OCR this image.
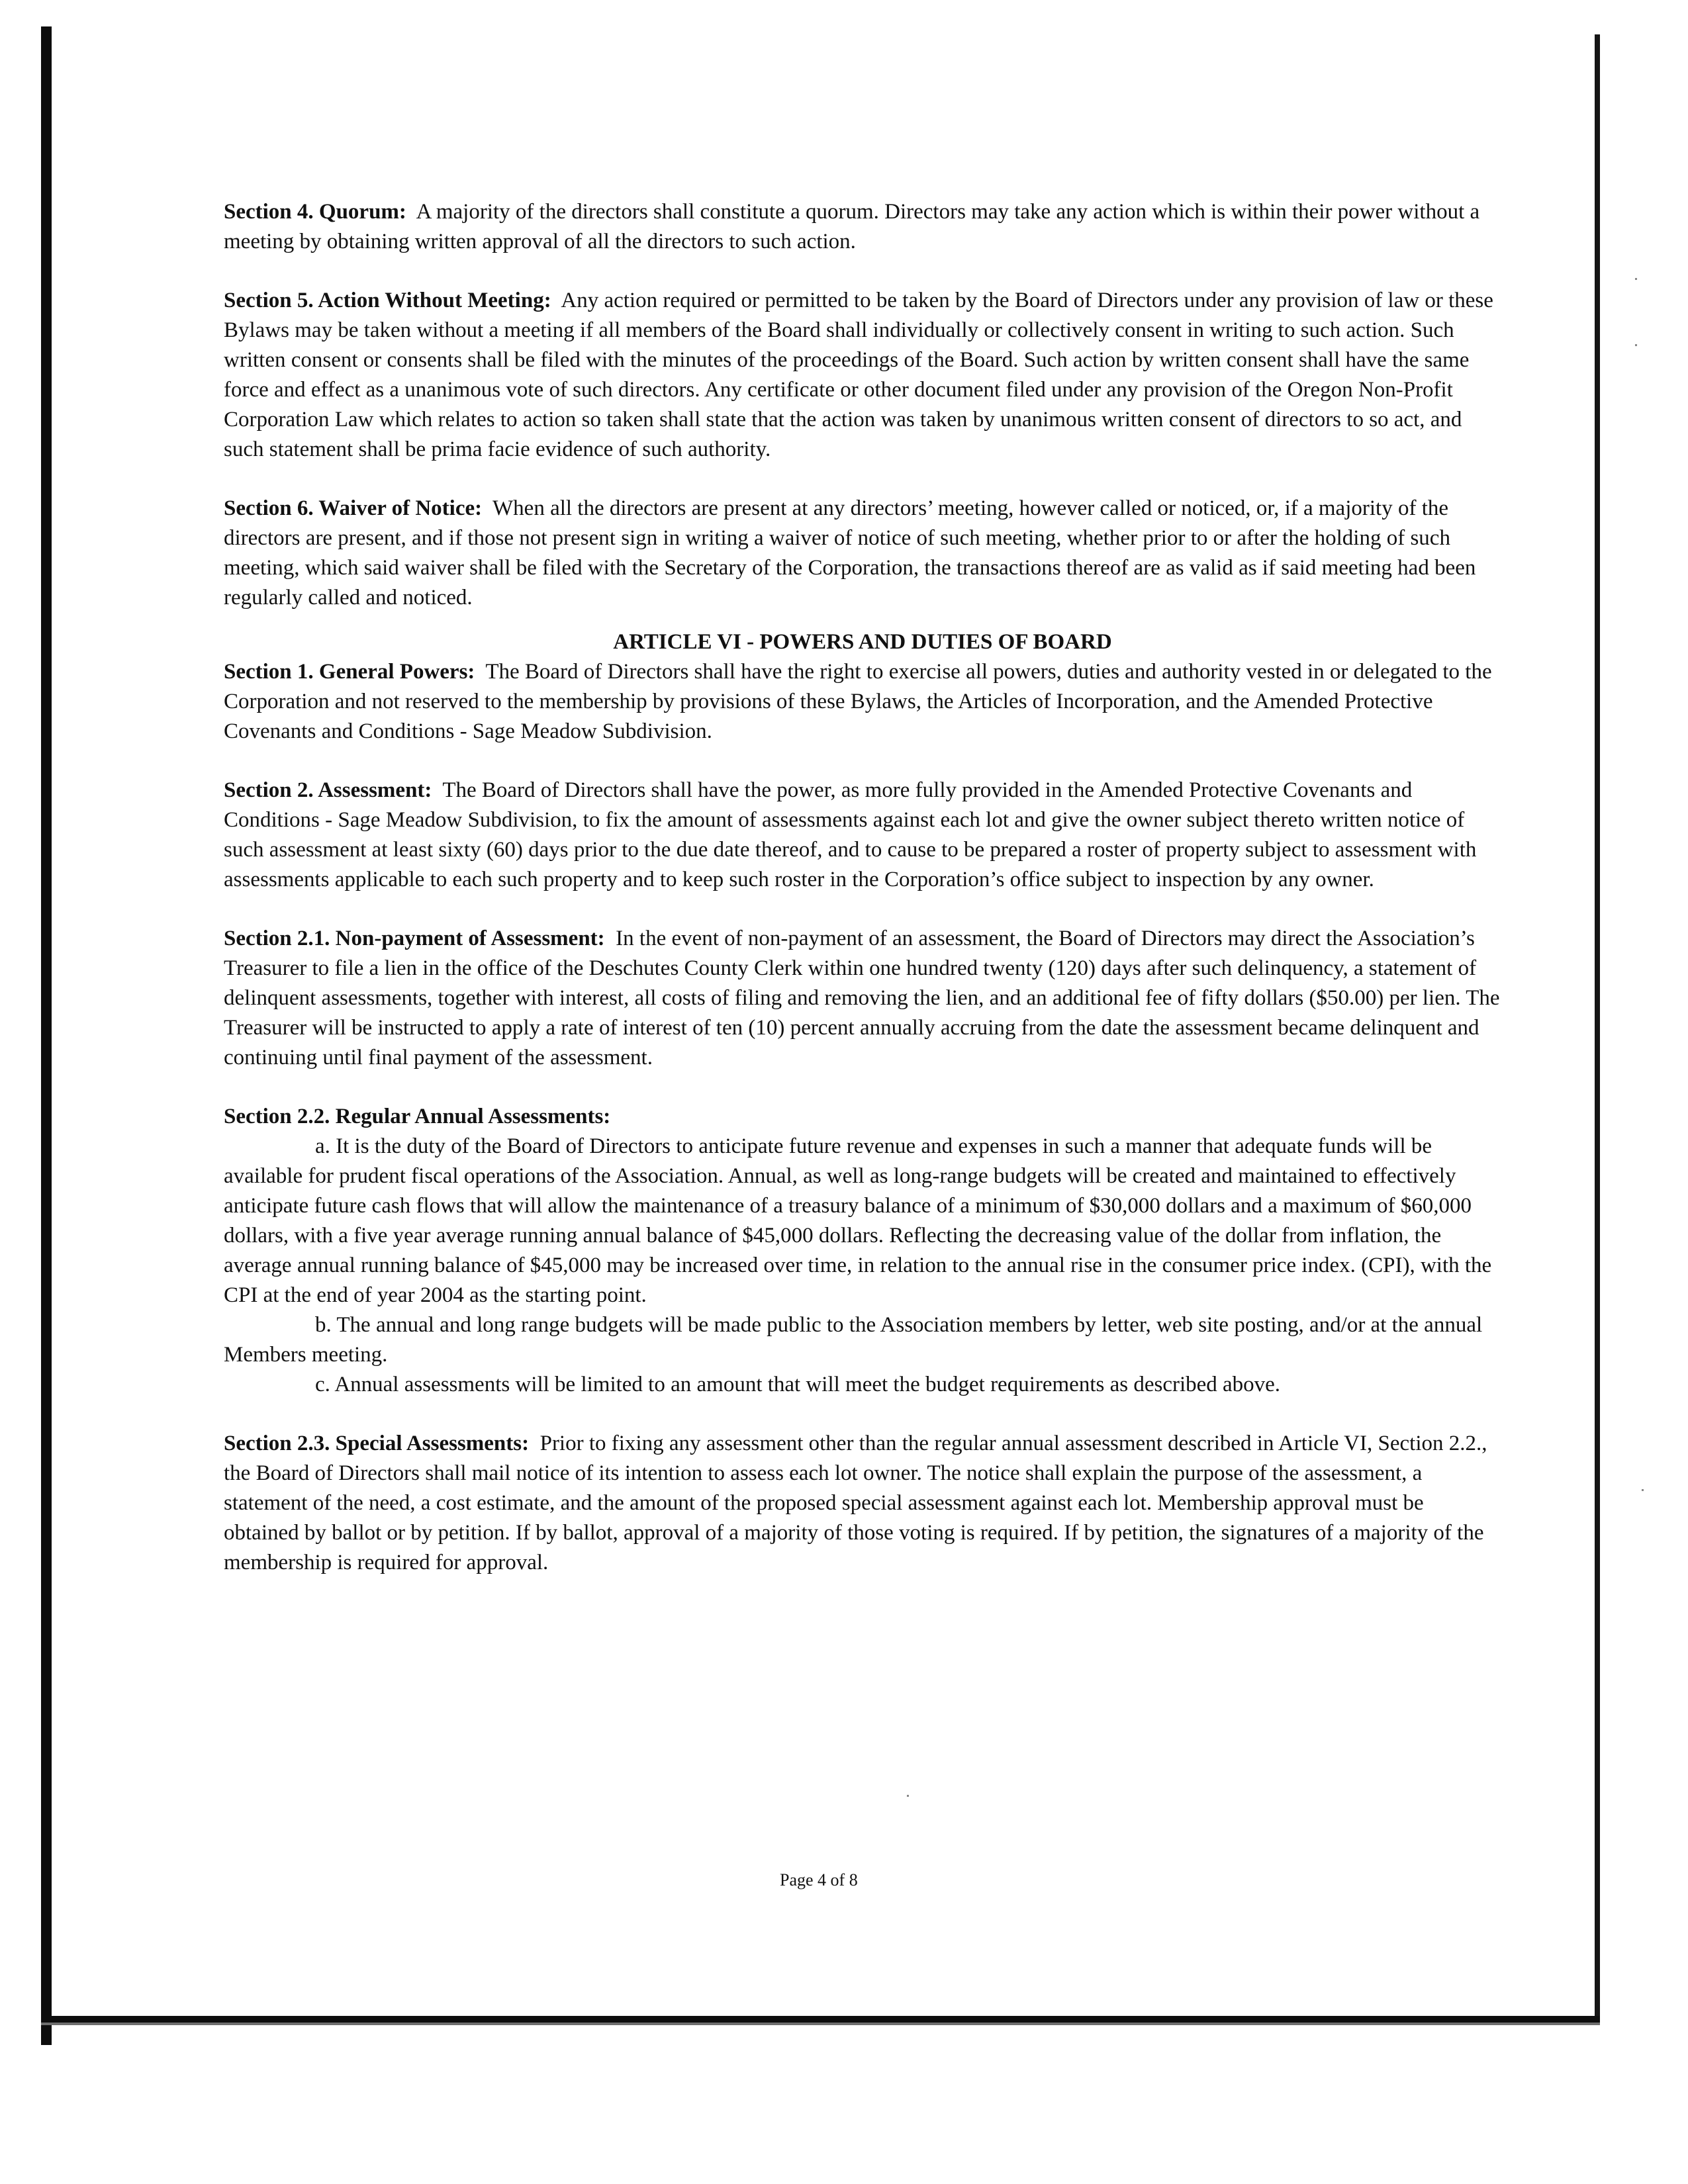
Section 4. Quorum: A majority of the directors shall constitute a quorum. Directors may take any action which is within their power without a meeting by obtaining written approval of all the directors to such action.

Section 5. Action Without Meeting: Any action required or permitted to be taken by the Board of Directors under any provision of law or these Bylaws may be taken without a meeting if all members of the Board shall individually or collectively consent in writing to such action. Such written consent or consents shall be filed with the minutes of the proceedings of the Board. Such action by written consent shall have the same force and effect as a unanimous vote of such directors. Any certificate or other document filed under any provision of the Oregon Non-Profit Corporation Law which relates to action so taken shall state that the action was taken by unanimous written consent of directors to so act, and such statement shall be prima facie evidence of such authority.

Section 6. Waiver of Notice: When all the directors are present at any directors’ meeting, however called or noticed, or, if a majority of the directors are present, and if those not present sign in writing a waiver of notice of such meeting, whether prior to or after the holding of such meeting, which said waiver shall be filed with the Secretary of the Corporation, the transactions thereof are as valid as if said meeting had been regularly called and noticed.

ARTICLE VI - POWERS AND DUTIES OF BOARD

Section 1. General Powers: The Board of Directors shall have the right to exercise all powers, duties and authority vested in or delegated to the Corporation and not reserved to the membership by provisions of these Bylaws, the Articles of Incorporation, and the Amended Protective Covenants and Conditions - Sage Meadow Subdivision.

Section 2. Assessment: The Board of Directors shall have the power, as more fully provided in the Amended Protective Covenants and Conditions - Sage Meadow Subdivision, to fix the amount of assessments against each lot and give the owner subject thereto written notice of such assessment at least sixty (60) days prior to the due date thereof, and to cause to be prepared a roster of property subject to assessment with assessments applicable to each such property and to keep such roster in the Corporation’s office subject to inspection by any owner.

Section 2.1. Non-payment of Assessment: In the event of non-payment of an assessment, the Board of Directors may direct the Association’s Treasurer to file a lien in the office of the Deschutes County Clerk within one hundred twenty (120) days after such delinquency, a statement of delinquent assessments, together with interest, all costs of filing and removing the lien, and an additional fee of fifty dollars ($50.00) per lien. The Treasurer will be instructed to apply a rate of interest of ten (10) percent annually accruing from the date the assessment became delinquent and continuing until final payment of the assessment.

Section 2.2. Regular Annual Assessments:

a. It is the duty of the Board of Directors to anticipate future revenue and expenses in such a manner that adequate funds will be available for prudent fiscal operations of the Association. Annual, as well as long-range budgets will be created and maintained to effectively anticipate future cash flows that will allow the maintenance of a treasury balance of a minimum of $30,000 dollars and a maximum of $60,000 dollars, with a five year average running annual balance of $45,000 dollars. Reflecting the decreasing value of the dollar from inflation, the average annual running balance of $45,000 may be increased over time, in relation to the annual rise in the consumer price index. (CPI), with the CPI at the end of year 2004 as the starting point.

b. The annual and long range budgets will be made public to the Association members by letter, web site posting, and/or at the annual Members meeting.

c. Annual assessments will be limited to an amount that will meet the budget requirements as described above.

Section 2.3. Special Assessments: Prior to fixing any assessment other than the regular annual assessment described in Article VI, Section 2.2., the Board of Directors shall mail notice of its intention to assess each lot owner. The notice shall explain the purpose of the assessment, a statement of the need, a cost estimate, and the amount of the proposed special assessment against each lot. Membership approval must be obtained by ballot or by petition. If by ballot, approval of a majority of those voting is required. If by petition, the signatures of a majority of the membership is required for approval.

Page 4 of 8
